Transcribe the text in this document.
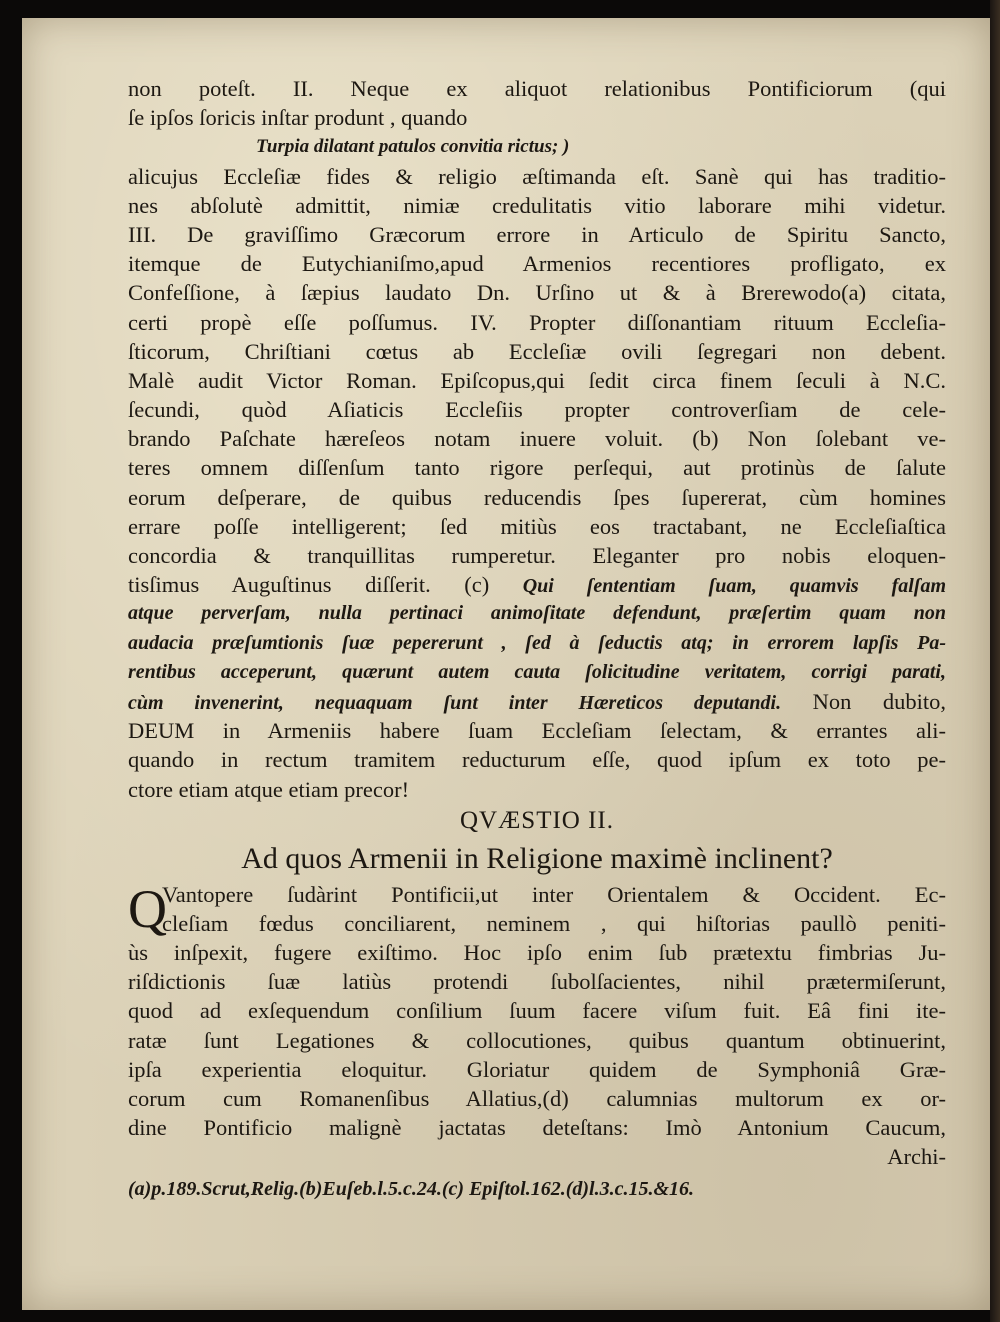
non poteſt. II. Neque ex aliquot relationibus Pontificiorum (qui
ſe ipſos ſoricis inſtar produnt , quando
Turpia dilatant patulos convitia rictus; )
alicujus Eccleſiæ fides & religio æſtimanda eſt. Sanè qui has traditio-
nes abſolutè admittit, nimiæ credulitatis vitio laborare mihi videtur.
III. De graviſſimo Græcorum errore in Articulo de Spiritu Sancto,
itemque de Eutychianiſmo,apud Armenios recentiores profligato, ex
Confeſſione, à ſæpius laudato Dn. Urſino ut & à Brerewodo(a) citata,
certi propè eſſe poſſumus. IV. Propter diſſonantiam rituum Eccleſia-
ſticorum, Chriſtiani cœtus ab Eccleſiæ ovili ſegregari non debent.
Malè audit Victor Roman. Epiſcopus,qui ſedit circa finem ſeculi à N.C.
ſecundi, quòd Aſiaticis Eccleſiis propter controverſiam de cele-
brando Paſchate hæreſeos notam inuere voluit. (b) Non ſolebant ve-
teres omnem diſſenſum tanto rigore perſequi, aut protinùs de ſalute
eorum deſperare, de quibus reducendis ſpes ſupererat, cùm homines
errare poſſe intelligerent; ſed mitiùs eos tractabant, ne Eccleſiaſtica
concordia & tranquillitas rumperetur. Eleganter pro nobis eloquen-
tisſimus Auguſtinus diſſerit. (c) Qui ſententiam ſuam, quamvis falſam
atque perverſam, nulla pertinaci animoſitate defendunt, præſertim quam non
audacia præſumtionis ſuæ pepererunt , ſed à ſeductis atq; in errorem lapſis Pa-
rentibus acceperunt, quærunt autem cauta ſolicitudine veritatem, corrigi parati,
cùm invenerint, nequaquam ſunt inter Hæreticos deputandi. Non dubito,
DEUM in Armeniis habere ſuam Eccleſiam ſelectam, & errantes ali-
quando in rectum tramitem reducturum eſſe, quod ipſum ex toto pe-
ctore etiam atque etiam precor!
QVÆSTIO II.
Ad quos Armenii in Religione maximè inclinent?
Q
Vantopere ſudàrint Pontificii,ut inter Orientalem & Occident. Ec-
cleſiam fœdus conciliarent, neminem , qui hiſtorias paullò peniti-
ùs inſpexit, fugere exiſtimo. Hoc ipſo enim ſub prætextu fimbrias Ju-
riſdictionis ſuæ latiùs protendi ſubolſacientes, nihil prætermiſerunt,
quod ad exſequendum conſilium ſuum facere viſum fuit. Eâ fini ite-
ratæ ſunt Legationes & collocutiones, quibus quantum obtinuerint,
ipſa experientia eloquitur. Gloriatur quidem de Symphoniâ Græ-
corum cum Romanenſibus Allatius,(d) calumnias multorum ex or-
dine Pontificio malignè jactatas deteſtans: Imò Antonium Caucum,
Archi-
(a)p.189.Scrut,Relig.(b)Euſeb.l.5.c.24.(c) Epiſtol.162.(d)l.3.c.15.&16.
